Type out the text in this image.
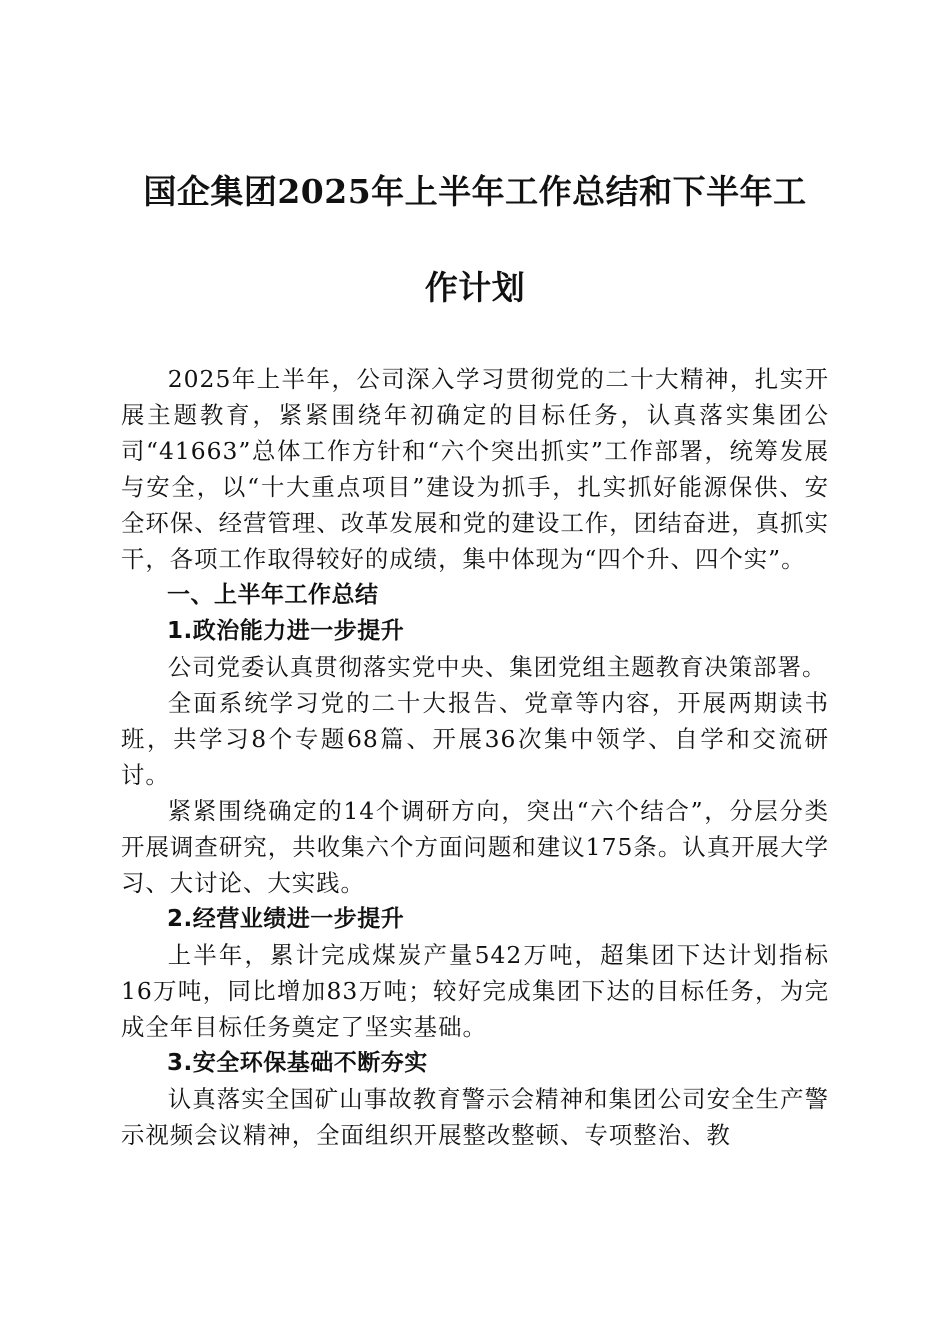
国企集团2025年上半年工作总结和下半年工
作计划

2025年上半年，公司深入学习贯彻党的二十大精神，扎实开展主题教育，紧紧围绕年初确定的目标任务，认真落实集团公司“41663”总体工作方针和“六个突出抓实”工作部署，统筹发展与安全，以“十大重点项目”建设为抓手，扎实抓好能源保供、安全环保、经营管理、改革发展和党的建设工作，团结奋进，真抓实干，各项工作取得较好的成绩，集中体现为“四个升、四个实”。

一、上半年工作总结

1.政治能力进一步提升

公司党委认真贯彻落实党中央、集团党组主题教育决策部署。

全面系统学习党的二十大报告、党章等内容，开展两期读书班，共学习8个专题68篇、开展36次集中领学、自学和交流研讨。

紧紧围绕确定的14个调研方向，突出“六个结合”，分层分类开展调查研究，共收集六个方面问题和建议175条。认真开展大学习、大讨论、大实践。

2.经营业绩进一步提升

上半年，累计完成煤炭产量542万吨，超集团下达计划指标16万吨，同比增加83万吨；较好完成集团下达的目标任务，为完成全年目标任务奠定了坚实基础。

3.安全环保基础不断夯实

认真落实全国矿山事故教育警示会精神和集团公司安全生产警示视频会议精神，全面组织开展整改整顿、专项整治、教
